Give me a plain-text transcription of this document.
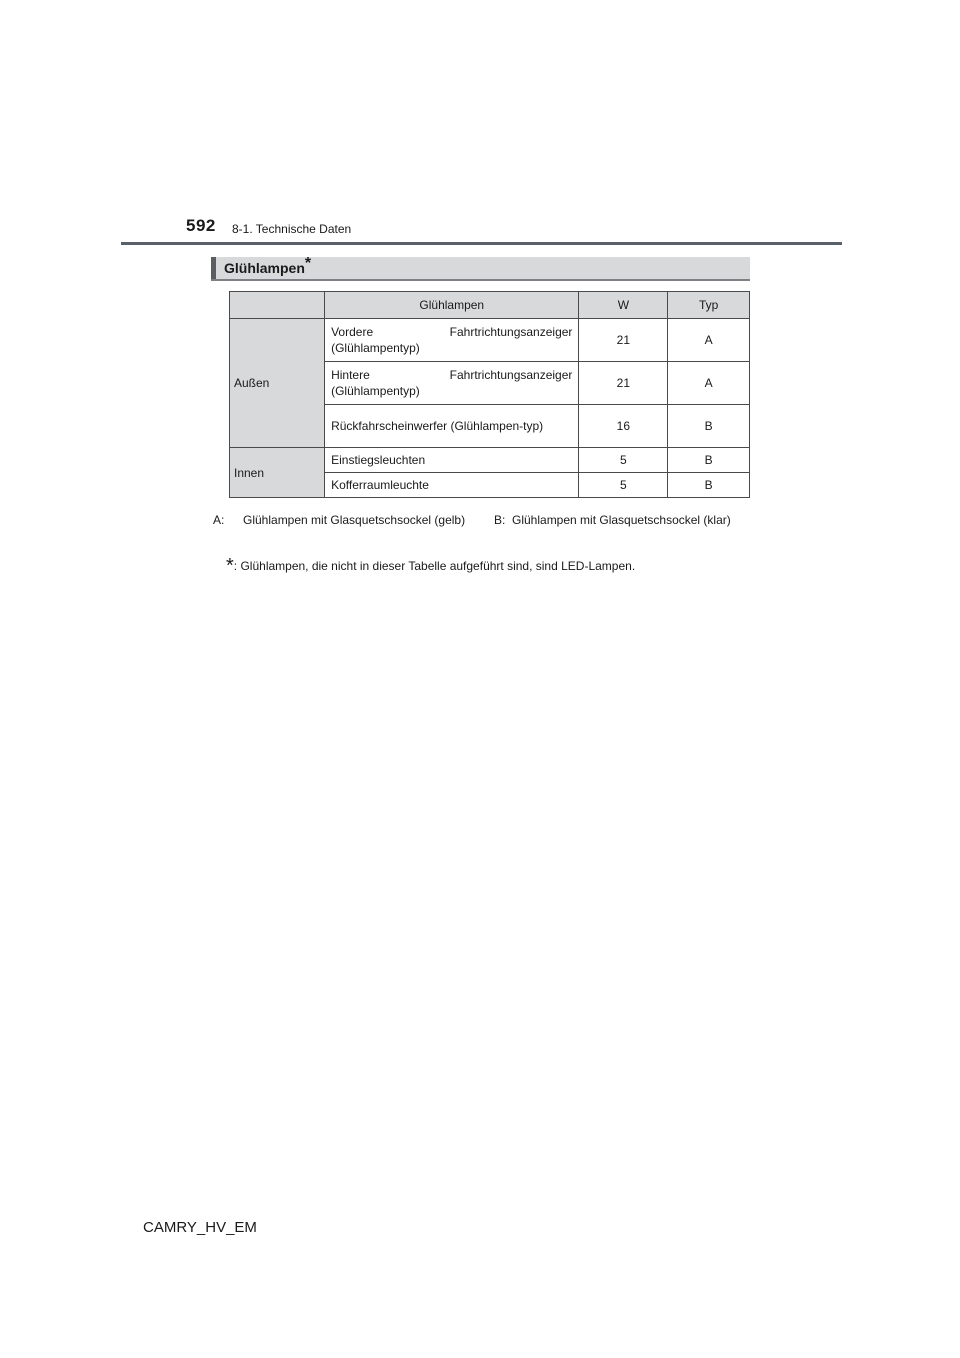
592 8-1. Technische Daten
Glühlampen*
	Glühlampen	W	Typ
Außen	Vordere Fahrtrichtungsanzeiger (Glühlampentyp)	21	A
	Hintere Fahrtrichtungsanzeiger (Glühlampentyp)	21	A
	Rückfahrscheinwerfer (Glühlampen-typ)	16	B
Innen	Einstiegsleuchten	5	B
	Kofferraumleuchte	5	B
A: Glühlampen mit Glasquetschsockel (gelb)	B: Glühlampen mit Glasquetschsockel (klar)
*: Glühlampen, die nicht in dieser Tabelle aufgeführt sind, sind LED-Lampen.
CAMRY_HV_EM
